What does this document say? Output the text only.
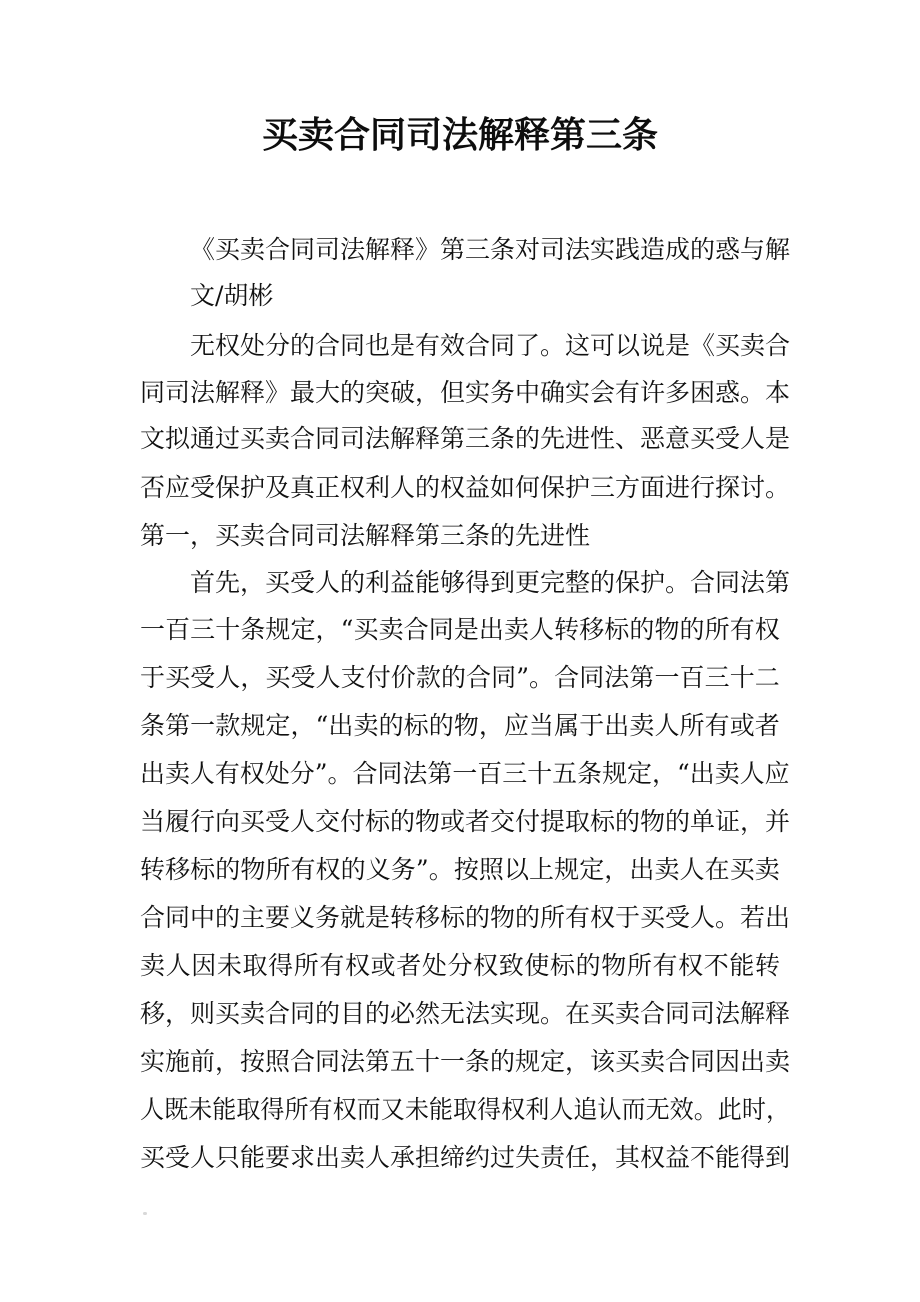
买卖合同司法解释第三条
《买卖合同司法解释》第三条对司法实践造成的惑与解
文/胡彬
无权处分的合同也是有效合同了。这可以说是《买卖合
同司法解释》最大的突破，但实务中确实会有许多困惑。本
文拟通过买卖合同司法解释第三条的先进性、恶意买受人是
否应受保护及真正权利人的权益如何保护三方面进行探讨。
第一，买卖合同司法解释第三条的先进性
首先，买受人的利益能够得到更完整的保护。合同法第
一百三十条规定，“买卖合同是出卖人转移标的物的所有权
于买受人，买受人支付价款的合同”。合同法第一百三十二
条第一款规定，“出卖的标的物，应当属于出卖人所有或者
出卖人有权处分”。合同法第一百三十五条规定，“出卖人应
当履行向买受人交付标的物或者交付提取标的物的单证，并
转移标的物所有权的义务”。按照以上规定，出卖人在买卖
合同中的主要义务就是转移标的物的所有权于买受人。若出
卖人因未取得所有权或者处分权致使标的物所有权不能转
移，则买卖合同的目的必然无法实现。在买卖合同司法解释
实施前，按照合同法第五十一条的规定，该买卖合同因出卖
人既未能取得所有权而又未能取得权利人追认而无效。此时，
买受人只能要求出卖人承担缔约过失责任，其权益不能得到
